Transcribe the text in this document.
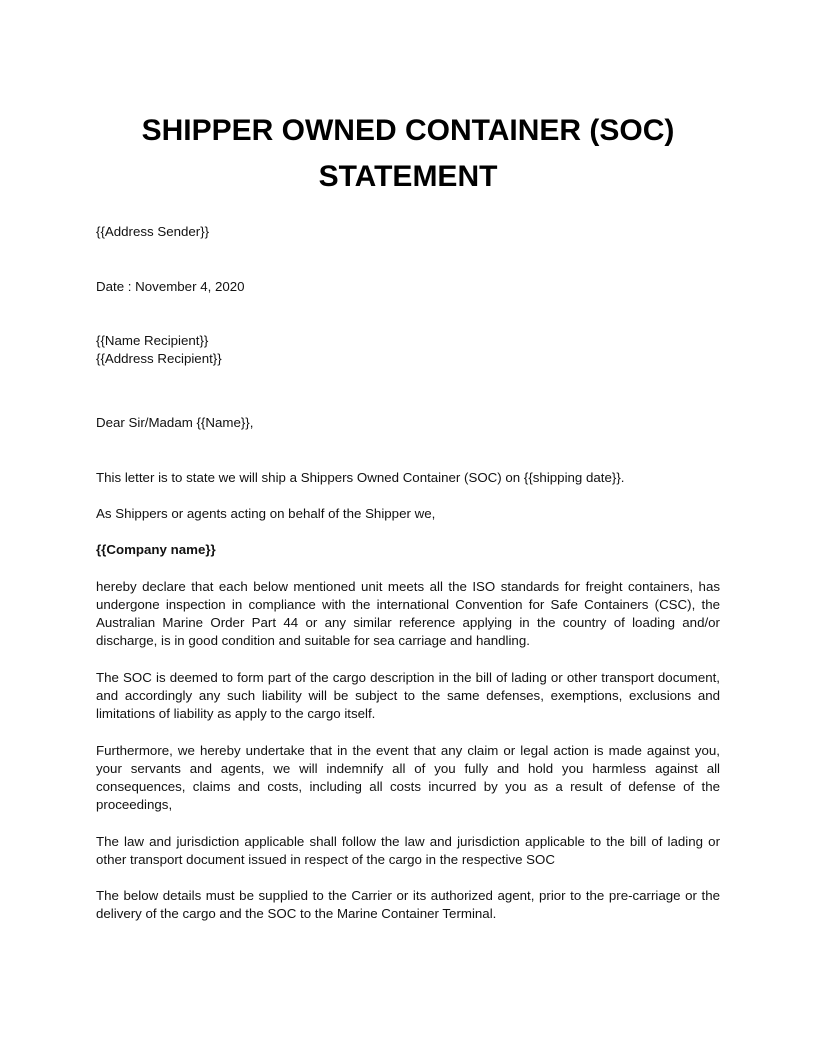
SHIPPER OWNED CONTAINER (SOC)
STATEMENT

{{Address Sender}}

Date : November 4, 2020

{{Name Recipient}}

{{Address Recipient}}

Dear Sir/Madam {{Name}},

This letter is to state we will ship a Shippers Owned Container (SOC) on {{shipping date}}.

As Shippers or agents acting on behalf of the Shipper we,

{{Company name}}

hereby declare that each below mentioned unit meets all the ISO standards for freight containers, has undergone inspection in compliance with the international Convention for Safe Containers (CSC), the Australian Marine Order Part 44 or any similar reference applying in the country of loading and/or discharge, is in good condition and suitable for sea carriage and handling.

The SOC is deemed to form part of the cargo description in the bill of lading or other transport document, and accordingly any such liability will be subject to the same defenses, exemptions, exclusions and limitations of liability as apply to the cargo itself.

Furthermore, we hereby undertake that in the event that any claim or legal action is made against you, your servants and agents, we will indemnify all of you fully and hold you harmless against all consequences, claims and costs, including all costs incurred by you as a result of defense of the proceedings,

The law and jurisdiction applicable shall follow the law and jurisdiction applicable to the bill of lading or other transport document issued in respect of the cargo in the respective SOC

The below details must be supplied to the Carrier or its authorized agent, prior to the pre-carriage or the delivery of the cargo and the SOC to the Marine Container Terminal.
